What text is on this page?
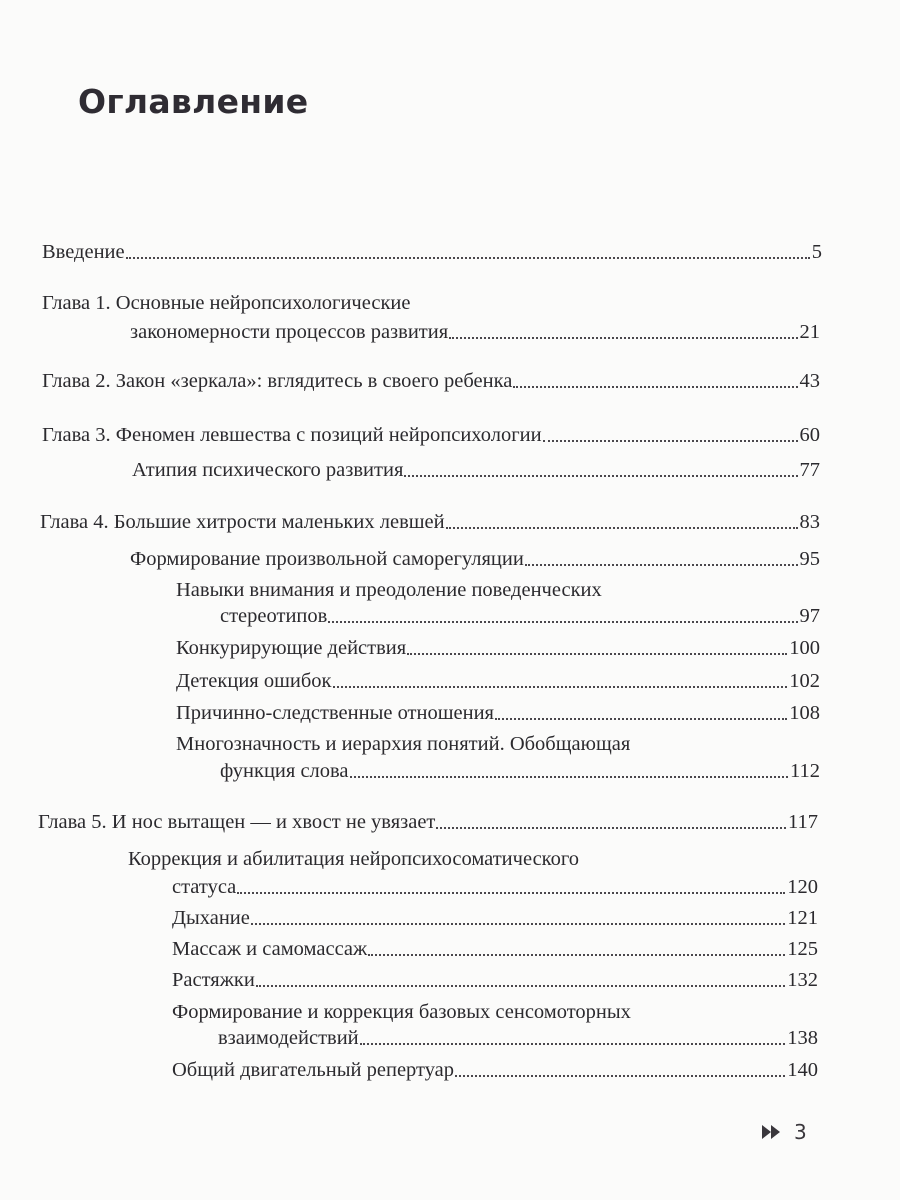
Оглавление
Введение	5
Глава 1. Основные нейропсихологические
закономерности процессов развития	21
Глава 2. Закон «зеркала»: вглядитесь в своего ребенка	43
Глава 3. Феномен левшества с позиций нейропсихологии	60
Атипия психического развития	77
Глава 4. Большие хитрости маленьких левшей	83
Формирование произвольной саморегуляции	95
Навыки внимания и преодоление поведенческих
стереотипов	97
Конкурирующие действия	100
Детекция ошибок	102
Причинно-следственные отношения	108
Многозначность и иерархия понятий. Обобщающая
функция слова	112
Глава 5. И нос вытащен — и хвост не увязает	117
Коррекция и абилитация нейропсихосоматического
статуса	120
Дыхание	121
Массаж и самомассаж	125
Растяжки	132
Формирование и коррекция базовых сенсомоторных
взаимодействий	138
Общий двигательный репертуар	140
3
